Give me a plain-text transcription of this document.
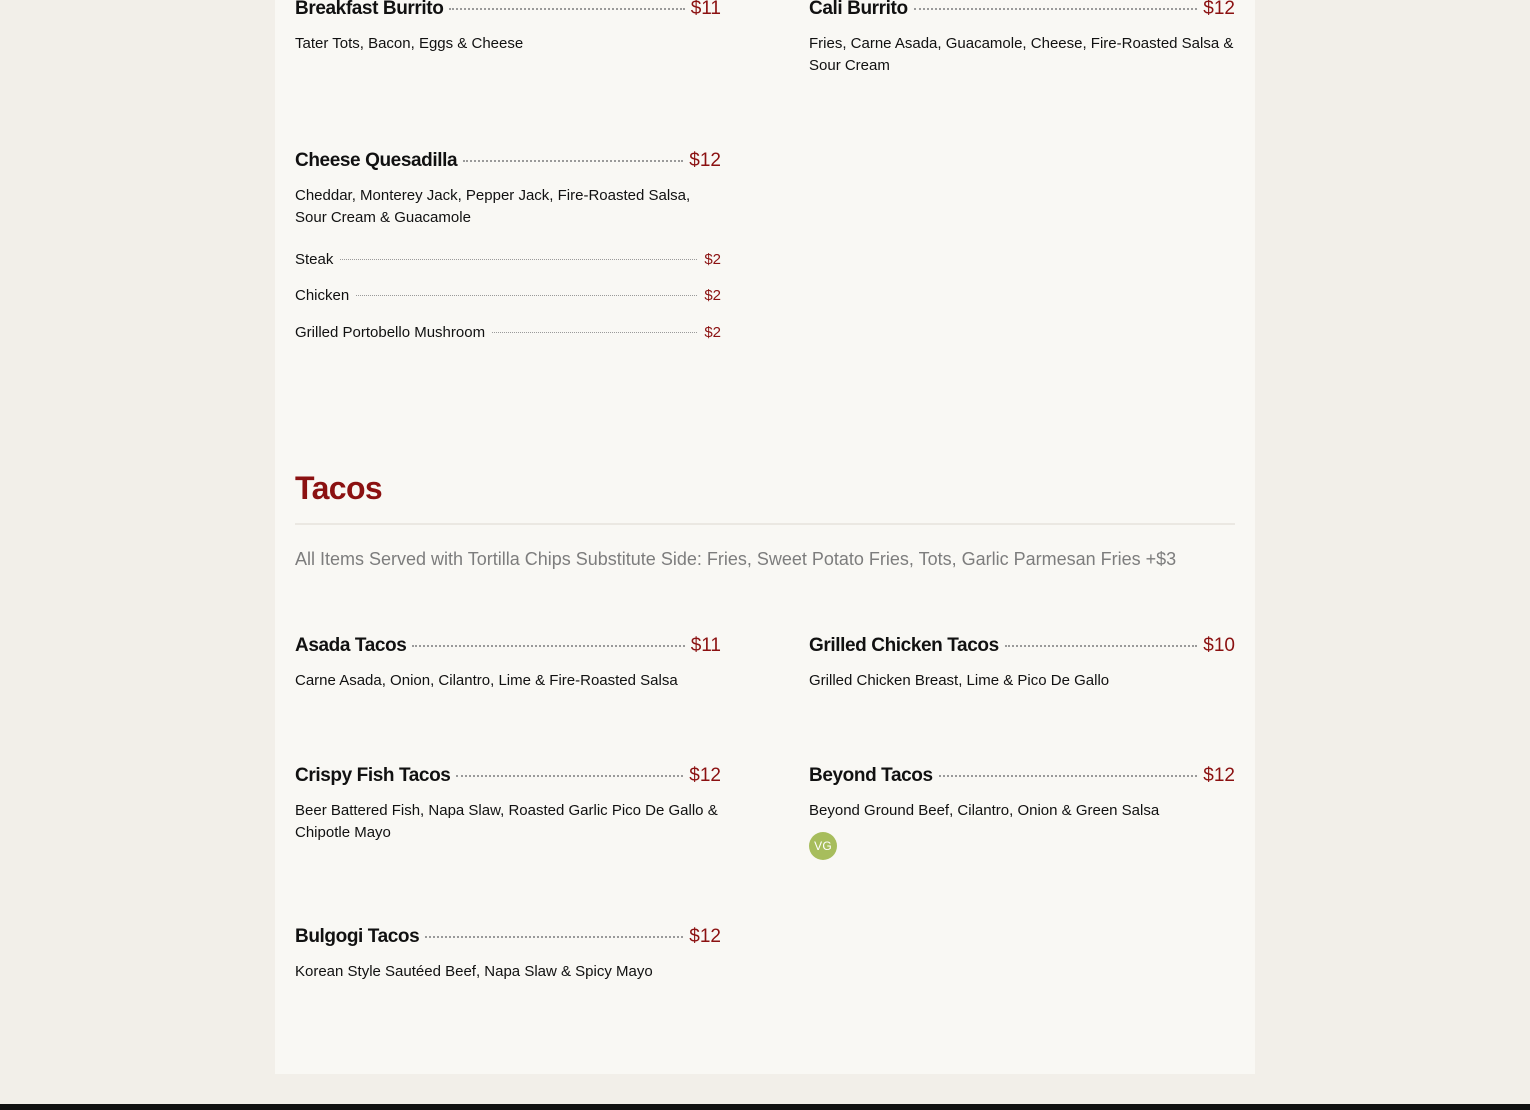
Breakfast Burrito	$11
Tater Tots, Bacon, Eggs & Cheese
Cali Burrito	$12
Fries, Carne Asada, Guacamole, Cheese, Fire-Roasted Salsa & Sour Cream
Cheese Quesadilla	$12
Cheddar, Monterey Jack, Pepper Jack, Fire-Roasted Salsa, Sour Cream & Guacamole
Steak	$2
Chicken	$2
Grilled Portobello Mushroom	$2
Tacos
All Items Served with Tortilla Chips Substitute Side: Fries, Sweet Potato Fries, Tots, Garlic Parmesan Fries +$3
Asada Tacos	$11
Carne Asada, Onion, Cilantro, Lime & Fire-Roasted Salsa
Grilled Chicken Tacos	$10
Grilled Chicken Breast, Lime & Pico De Gallo
Crispy Fish Tacos	$12
Beer Battered Fish, Napa Slaw, Roasted Garlic Pico De Gallo & Chipotle Mayo
Beyond Tacos	$12
Beyond Ground Beef, Cilantro, Onion & Green Salsa
VG
Bulgogi Tacos	$12
Korean Style Sautéed Beef, Napa Slaw & Spicy Mayo
